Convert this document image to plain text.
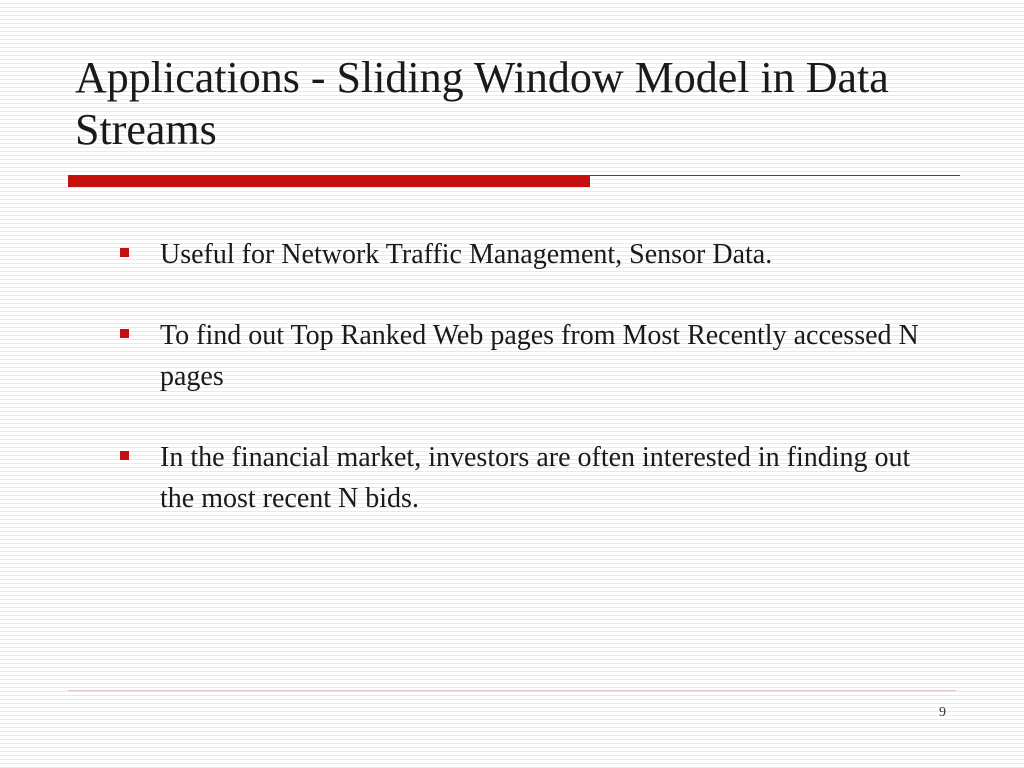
Applications - Sliding Window Model in Data Streams
Useful for Network Traffic Management, Sensor Data.
To find out Top Ranked Web pages from Most Recently accessed N pages
In the financial market, investors are often interested in finding out the most recent N bids.
9
